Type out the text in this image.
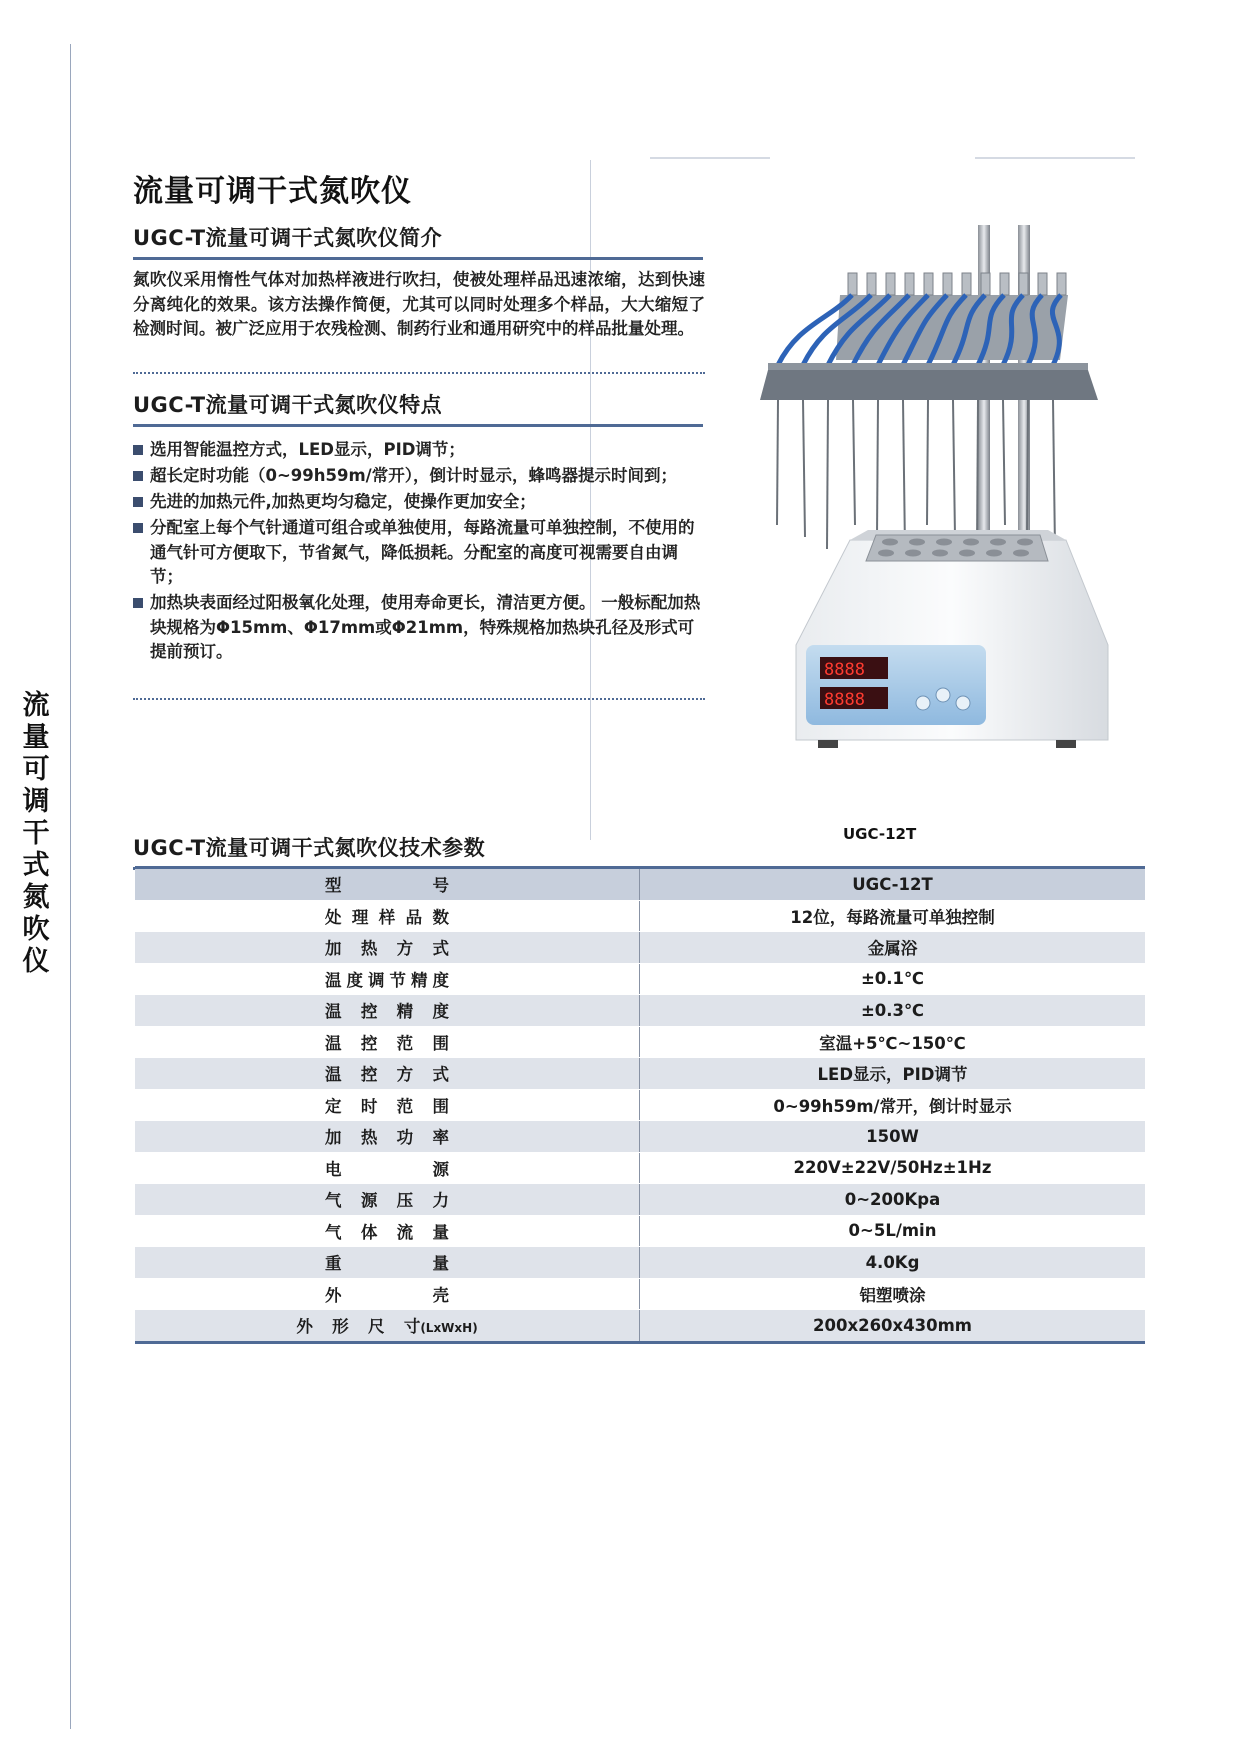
流
量
可
调
干
式
氮
吹
仪
流量可调干式氮吹仪
UGC-T流量可调干式氮吹仪简介

氮吹仪采用惰性气体对加热样液进行吹扫，使被处理样品迅速浓缩，达到快速分离纯化的效果。该方法操作简便，尤其可以同时处理多个样品，大大缩短了检测时间。被广泛应用于农残检测、制药行业和通用研究中的样品批量处理。

UGC-T流量可调干式氮吹仪特点
选用智能温控方式，LED显示，PID调节；
超长定时功能（0~99h59m/常开），倒计时显示，蜂鸣器提示时间到；
先进的加热元件,加热更均匀稳定，使操作更加安全；
分配室上每个气针通道可组合或单独使用，每路流量可单独控制，不使用的通气针可方便取下，节省氮气，降低损耗。分配室的高度可视需要自由调节；
加热块表面经过阳极氧化处理，使用寿命更长，清洁更方便。 一般标配加热块规格为Φ15mm、Φ17mm或Φ21mm，特殊规格加热块孔径及形式可提前预订。
8888
8888
UGC-12T
UGC-T流量可调干式氮吹仪技术参数
型号	UGC-12T
处理样品数	12位，每路流量可单独控制
加热方式	金属浴
温度调节精度	±0.1℃
温控精度	±0.3℃
温控范围	室温+5℃~150℃
温控方式	LED显示，PID调节
定时范围	0~99h59m/常开，倒计时显示
加热功率	150W
电源	220V±22V/50Hz±1Hz
气源压力	0~200Kpa
气体流量	0~5L/min
重量	4.0Kg
外壳	铝塑喷涂
外形尺寸(LxWxH)	200x260x430mm
